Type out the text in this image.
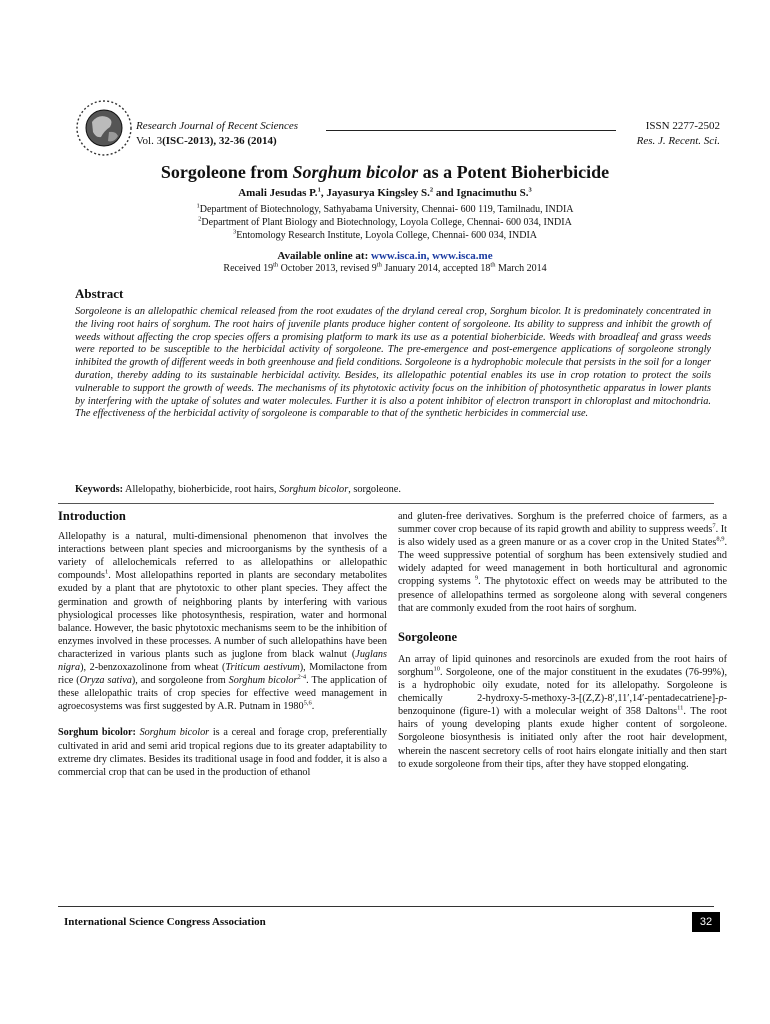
Research Journal of Recent Sciences	ISSN 2277-2502
Vol. 3(ISC-2013), 32-36 (2014)	Res. J. Recent. Sci.
Sorgoleone from Sorghum bicolor as a Potent Bioherbicide
Amali Jesudas P.$^1$, Jayasurya Kingsley S.$^2$ and Ignacimuthu S.$^3$
$^1$Department of Biotechnology, Sathyabama University, Chennai- 600 119, Tamilnadu, INDIA
$^2$Department of Plant Biology and Biotechnology, Loyola College, Chennai- 600 034, INDIA
$^3$Entomology Research Institute, Loyola College, Chennai- 600 034, INDIA
Available online at: www.isca.in, www.isca.me
Received 19th October 2013, revised 9th January 2014, accepted 18th March 2014
Abstract
Sorgoleone is an allelopathic chemical released from the root exudates of the dryland cereal crop, Sorghum bicolor. It is predominately concentrated in the living root hairs of sorghum. The root hairs of juvenile plants produce higher content of sorgoleone. Its ability to suppress and inhibit the growth of weeds without affecting the crop species offers a promising platform to mark its use as a potential bioherbicide. Weeds with broadleaf and grass weeds were reported to be susceptible to the herbicidal activity of sorgoleone. The pre-emergence and post-emergence applications of sorgoleone strongly inhibited the growth of different weeds in both greenhouse and field conditions. Sorgoleone is a hydrophobic molecule that persists in the soil for a longer duration, thereby adding to its sustainable herbicidal activity. Besides, its allelopathic potential enables its use in crop rotation to protect the soils vulnerable to support the growth of weeds. The mechanisms of its phytotoxic activity focus on the inhibition of photosynthetic apparatus in lower plants by interfering with the uptake of solutes and water molecules. Further it is also a potent inhibitor of electron transport in chloroplast and mitochondria. The effectiveness of the herbicidal activity of sorgoleone is comparable to that of the synthetic herbicides in commercial use.
Keywords: Allelopathy, bioherbicide, root hairs, Sorghum bicolor, sorgoleone.
Introduction
Allelopathy is a natural, multi-dimensional phenomenon that involves the interactions between plant species and microorganisms by the synthesis of a variety of allelochemicals referred to as allelopathins or allelopathic compounds$^1$. Most allelopathins reported in plants are secondary metabolites exuded by a plant that are phytotoxic to other plant species. They affect the germination and growth of neighboring plants by interfering with various physiological processes like photosynthesis, respiration, water and hormonal balance. However, the basic phytotoxic mechanisms seem to be the inhibition of enzymes involved in these processes. A number of such allelopathins have been characterized in various plants such as juglone from black walnut (Juglans nigra), 2-benzoxazolinone from wheat (Triticum aestivum), Momilactone from rice (Oryza sativa), and sorgoleone from Sorghum bicolor$^{2-4}$. The application of these allelopathic traits of crop species for effective weed management in agroecosystems was first suggested by A.R. Putnam in 1980$^{5,6}$.
Sorghum bicolor: Sorghum bicolor is a cereal and forage crop, preferentially cultivated in arid and semi arid tropical regions due to its greater adaptability to extreme dry climates. Besides its traditional usage in food and fodder, it is also a commercial crop that can be used in the production of ethanol
and gluten-free derivatives. Sorghum is the preferred choice of farmers, as a summer cover crop because of its rapid growth and ability to suppress weeds$^7$. It is also widely used as a green manure or as a cover crop in the United States$^{8,9}$. The weed suppressive potential of sorghum has been extensively studied and widely adapted for weed management in both horticultural and agronomic cropping systems $^9$. The phytotoxic effect on weeds may be attributed to the presence of allelopathins termed as sorgoleone along with several congeners that are commonly exuded from the root hairs of sorghum.
Sorgoleone
An array of lipid quinones and resorcinols are exuded from the root hairs of sorghum$^{10}$. Sorgoleone, one of the major constituent in the exudates (76-99%), is a hydrophobic oily exudate, noted for its allelopathy. Sorgoleone is chemically 2-hydroxy-5-methoxy-3-[(Z,Z)-8′,11′,14′-pentadecatriene]-p-benzoquinone (figure-1) with a molecular weight of 358 Daltons$^{11}$. The root hairs of young developing plants exude higher content of sorgoleone. Sorgoleone biosynthesis is initiated only after the root hair development, wherein the nascent secretory cells of root hairs elongate initially and then start to exude sorgoleone from their tips, after they have stopped elongating.
International Science Congress Association	32
